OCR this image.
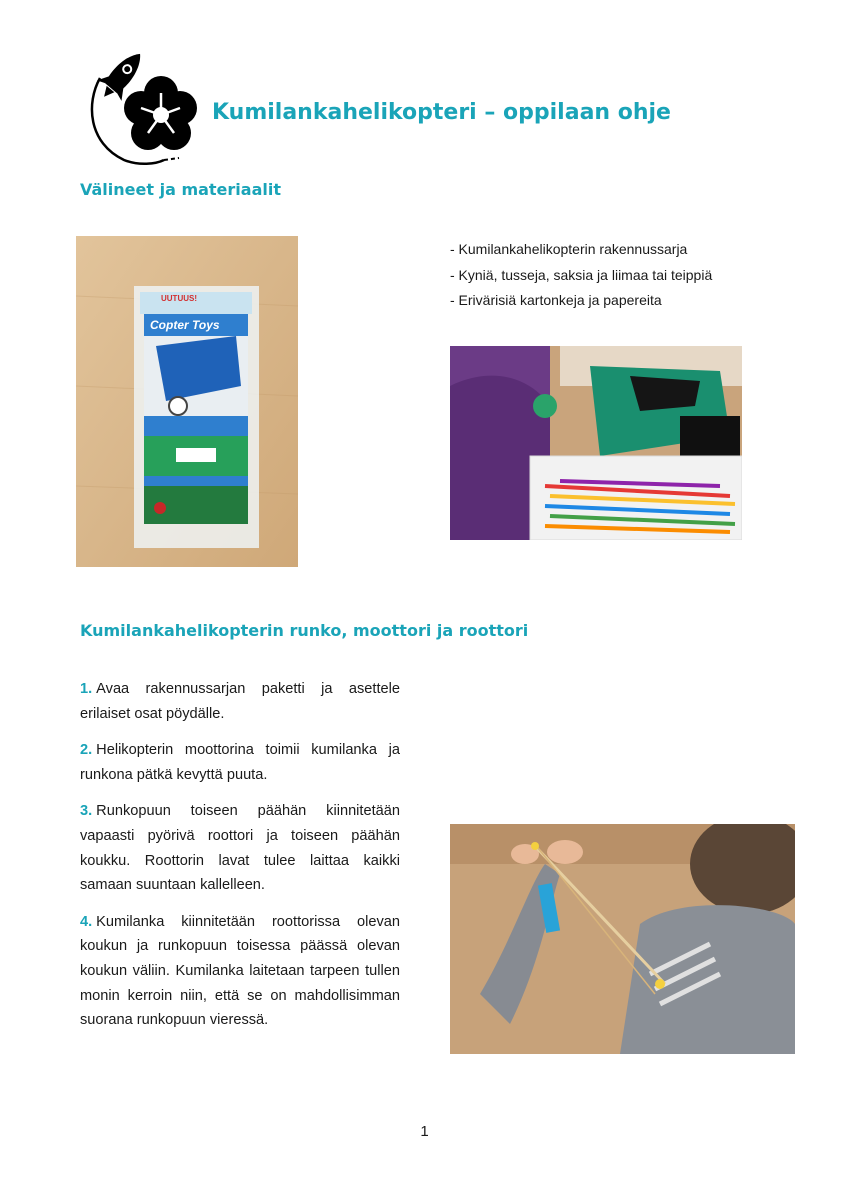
Kumilankahelikopteri – oppilaan ohje
Välineet ja materiaalit
UUTUUS!
Copter Toys
- Kumilankahelikopterin rakennussarja
- Kyniä, tusseja, saksia ja liimaa tai teippiä
- Erivärisiä kartonkeja ja papereita
Kumilankahelikopterin runko, moottori ja roottori

1. Avaa rakennussarjan paketti ja asettele erilaiset osat pöydälle.

2. Helikopterin moottorina toimii kumilanka ja runkona pätkä kevyttä puuta.

3. Runkopuun toiseen päähän kiinnitetään vapaasti pyörivä roottori ja toiseen päähän koukku. Roottorin lavat tulee laittaa kaikki samaan suuntaan kallelleen.

4. Kumilanka kiinnitetään roottorissa olevan koukun ja runkopuun toisessa päässä olevan koukun väliin. Kumilanka laitetaan tarpeen tullen monin kerroin niin, että se on mahdollisimman suorana runkopuun vieressä.

1
